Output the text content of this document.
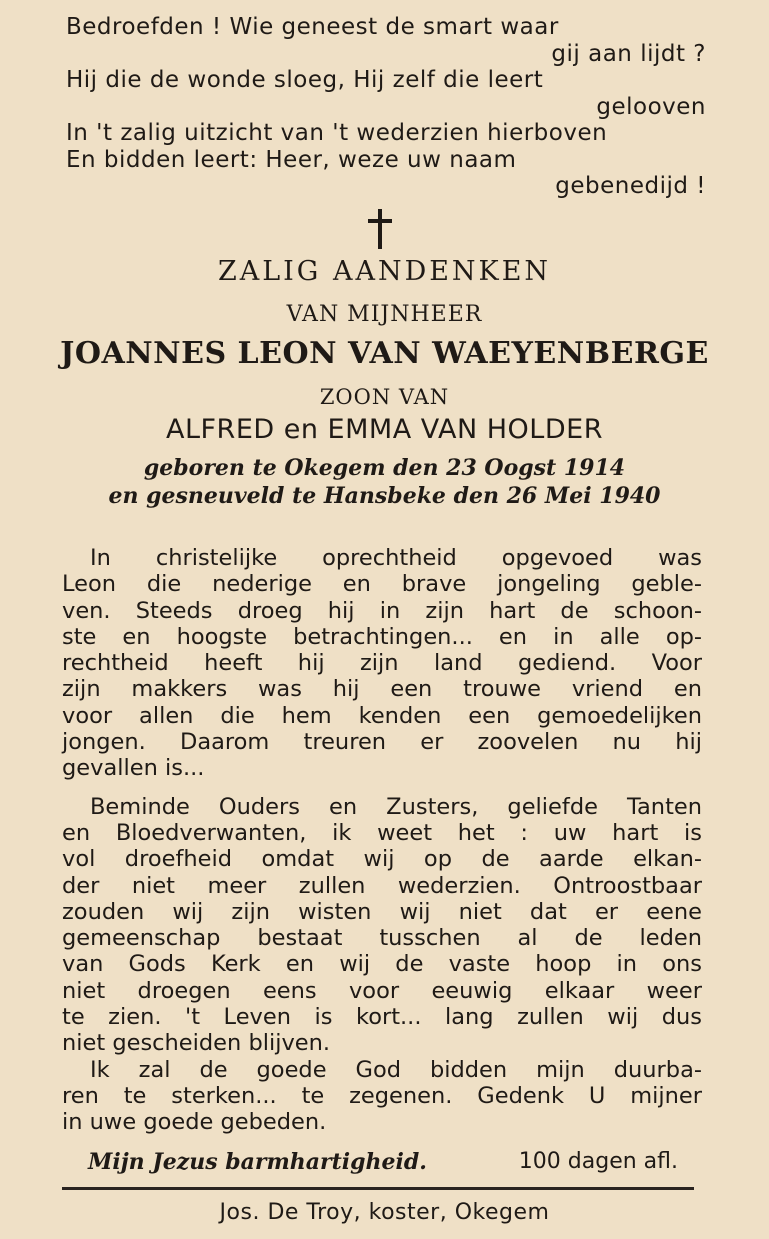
Bedroefden ! Wie geneest de smart waar
gij aan lijdt ?
Hij die de wonde sloeg, Hij zelf die leert
gelooven
In 't zalig uitzicht van 't wederzien hierboven
En bidden leert: Heer, weze uw naam
gebenedijd !
ZALIG AANDENKEN
VAN MIJNHEER
JOANNES LEON VAN WAEYENBERGE
ZOON VAN
ALFRED en EMMA VAN HOLDER
geboren te Okegem den 23 Oogst 1914
en gesneuveld te Hansbeke den 26 Mei 1940
In christelijke oprechtheid opgevoed was
Leon die nederige en brave jongeling geble-
ven. Steeds droeg hij in zijn hart de schoon-
ste en hoogste betrachtingen... en in alle op-
rechtheid heeft hij zijn land gediend. Voor
zijn makkers was hij een trouwe vriend en
voor allen die hem kenden een gemoedelijken
jongen. Daarom treuren er zoovelen nu hij
gevallen is...
Beminde Ouders en Zusters, geliefde Tanten
en Bloedverwanten, ik weet het : uw hart is
vol droefheid omdat wij op de aarde elkan-
der niet meer zullen wederzien. Ontroostbaar
zouden wij zijn wisten wij niet dat er eene
gemeenschap bestaat tusschen al de leden
van Gods Kerk en wij de vaste hoop in ons
niet droegen eens voor eeuwig elkaar weer
te zien. 't Leven is kort... lang zullen wij dus
niet gescheiden blijven.
Ik zal de goede God bidden mijn duurba-
ren te sterken... te zegenen. Gedenk U mijner
in uwe goede gebeden.
Mijn Jezus barmhartigheid.	100 dagen afl.
Jos. De Troy, koster, Okegem
